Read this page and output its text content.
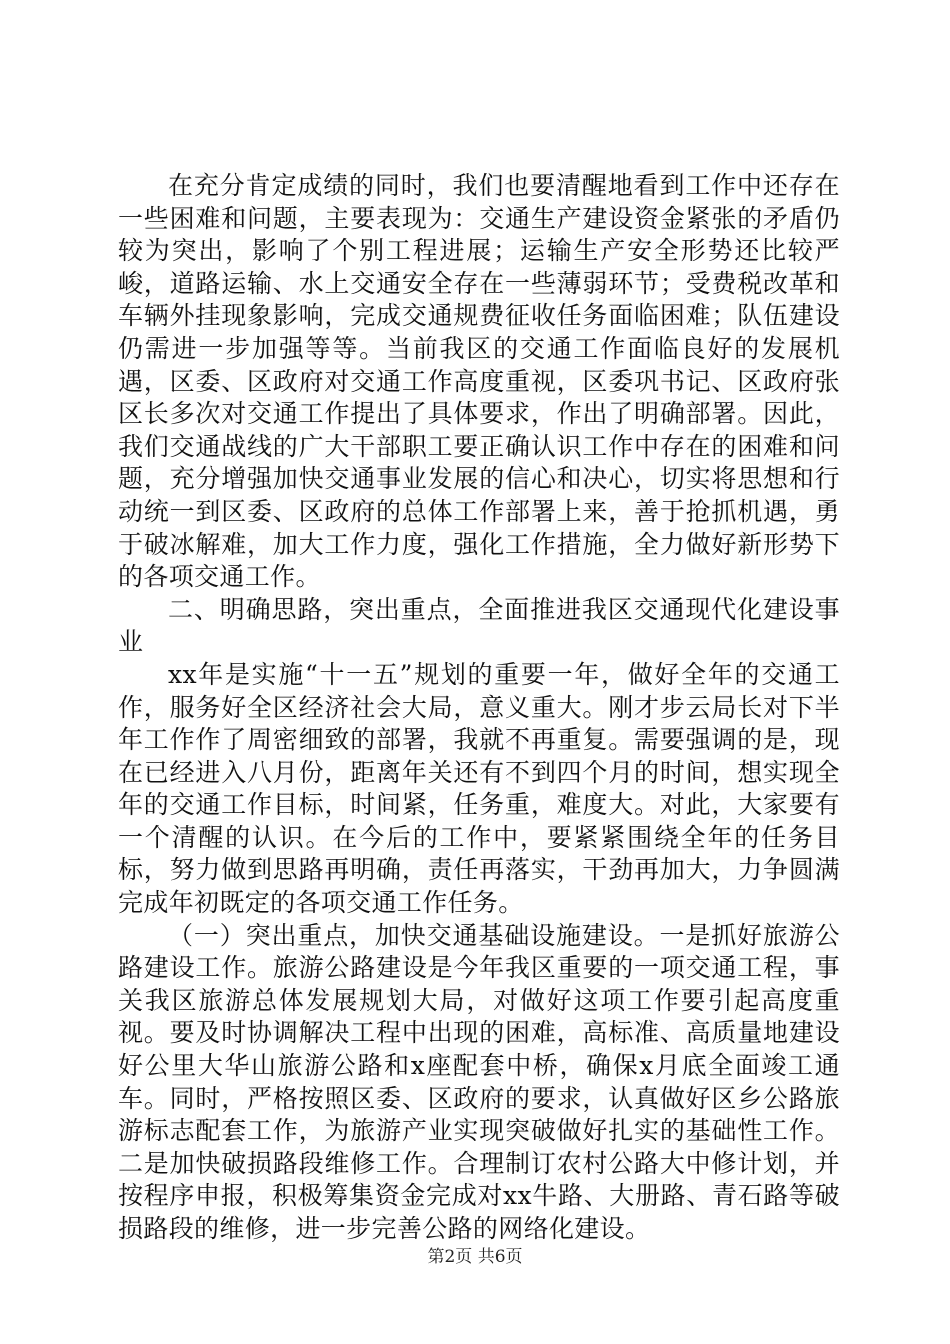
在充分肯定成绩的同时，我们也要清醒地看到工作中还存在一些困难和问题，主要表现为：交通生产建设资金紧张的矛盾仍较为突出，影响了个别工程进展；运输生产安全形势还比较严峻，道路运输、水上交通安全存在一些薄弱环节；受费税改革和车辆外挂现象影响，完成交通规费征收任务面临困难；队伍建设仍需进一步加强等等。当前我区的交通工作面临良好的发展机遇，区委、区政府对交通工作高度重视，区委巩书记、区政府张区长多次对交通工作提出了具体要求，作出了明确部署。因此，我们交通战线的广大干部职工要正确认识工作中存在的困难和问题，充分增强加快交通事业发展的信心和决心，切实将思想和行动统一到区委、区政府的总体工作部署上来，善于抢抓机遇，勇于破冰解难，加大工作力度，强化工作措施，全力做好新形势下的各项交通工作。

二、明确思路，突出重点，全面推进我区交通现代化建设事业

xx年是实施“十一五”规划的重要一年，做好全年的交通工作，服务好全区经济社会大局，意义重大。刚才步云局长对下半年工作作了周密细致的部署，我就不再重复。需要强调的是，现在已经进入八月份，距离年关还有不到四个月的时间，想实现全年的交通工作目标，时间紧，任务重，难度大。对此，大家要有一个清醒的认识。在今后的工作中，要紧紧围绕全年的任务目标，努力做到思路再明确，责任再落实，干劲再加大，力争圆满完成年初既定的各项交通工作任务。

（一）突出重点，加快交通基础设施建设。一是抓好旅游公路建设工作。旅游公路建设是今年我区重要的一项交通工程，事关我区旅游总体发展规划大局，对做好这项工作要引起高度重视。要及时协调解决工程中出现的困难，高标准、高质量地建设好公里大华山旅游公路和x座配套中桥，确保x月底全面竣工通车。同时，严格按照区委、区政府的要求，认真做好区乡公路旅游标志配套工作，为旅游产业实现突破做好扎实的基础性工作。二是加快破损路段维修工作。合理制订农村公路大中修计划，并按程序申报，积极筹集资金完成对xx牛路、大册路、青石路等破损路段的维修，进一步完善公路的网络化建设。

第2页 共6页
